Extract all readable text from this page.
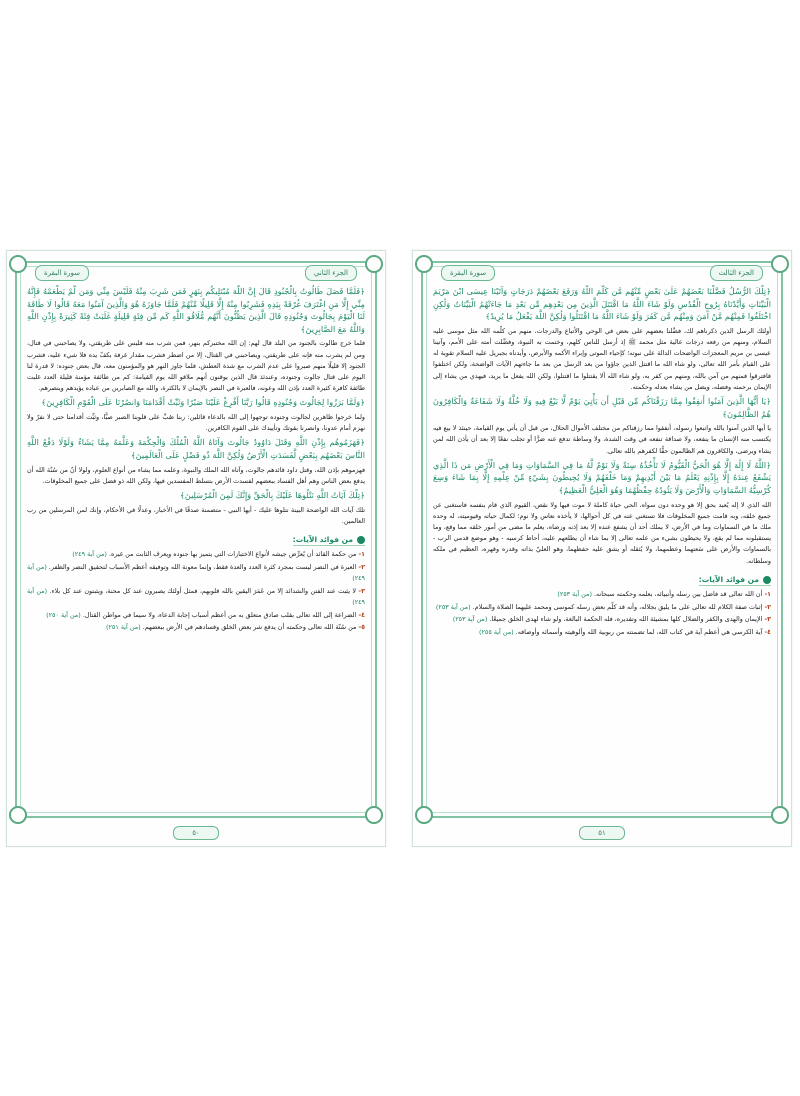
الجزء الثاني
سورة البقرة

﴿فَلَمَّا فَصَلَ طَالُوتُ بِالْجُنُودِ قَالَ إِنَّ اللَّهَ مُبْتَلِيكُم بِنَهَرٍ فَمَن شَرِبَ مِنْهُ فَلَيْسَ مِنِّي وَمَن لَّمْ يَطْعَمْهُ فَإِنَّهُ مِنِّي إِلَّا مَنِ اغْتَرَفَ غُرْفَةً بِيَدِهِ فَشَرِبُوا مِنْهُ إِلَّا قَلِيلًا مِّنْهُمْ فَلَمَّا جَاوَزَهُ هُوَ وَالَّذِينَ آمَنُوا مَعَهُ قَالُوا لَا طَاقَةَ لَنَا الْيَوْمَ بِجَالُوتَ وَجُنُودِهِ قَالَ الَّذِينَ يَظُنُّونَ أَنَّهُم مُّلَاقُو اللَّهِ كَم مِّن فِئَةٍ قَلِيلَةٍ غَلَبَتْ فِئَةً كَثِيرَةً بِإِذْنِ اللَّهِ وَاللَّهُ مَعَ الصَّابِرِينَ﴾

فلما خرج طالوت بالجنود من البلد قال لهم: إن الله مختبركم بنهر، فمن شرب منه فليس على طريقتي، ولا يصاحبني في قتال، ومن لم يشرب منه فإنه على طريقتي، ويصاحبني في القتال، إلا من اضطر فشرب مقدار غرفة بكفّ يده فلا شيء عليه، فشرب الجنود إلا قليلًا منهم صبروا على عدم الشرب مع شدة العطش، فلما جاوز النهر هو والمؤمنون معه، قال بعض جنوده: لا قدرة لنا اليوم على قتال جالوت وجنوده، وعندئذ قال الذين يوقنون أنهم ملاقو الله يوم القيامة: كم من طائفة مؤمنة قليلة العدد غلبت طائفة كافرة كثيرة العدد بإذن الله وعونه، فالعبرة في النصر بالإيمان لا بالكثرة، والله مع الصابرين من عباده يؤيدهم وينصرهم.

﴿وَلَمَّا بَرَزُوا لِجَالُوتَ وَجُنُودِهِ قَالُوا رَبَّنَا أَفْرِغْ عَلَيْنَا صَبْرًا وَثَبِّتْ أَقْدَامَنَا وَانصُرْنَا عَلَى الْقَوْمِ الْكَافِرِينَ﴾

ولما خرجوا ظاهرين لجالوت وجنوده توجهوا إلى الله بالدعاء قائلين: ربنا صُبَّ على قلوبنا الصبر صبًّا، وثبِّت أقدامنا حتى لا نفرّ ولا نهزم أمام عدونا، وانصرنا بقوتك وتأييدك على القوم الكافرين.

﴿فَهَزَمُوهُم بِإِذْنِ اللَّهِ وَقَتَلَ دَاوُودُ جَالُوتَ وَآتَاهُ اللَّهُ الْمُلْكَ وَالْحِكْمَةَ وَعَلَّمَهُ مِمَّا يَشَاءُ وَلَوْلَا دَفْعُ اللَّهِ النَّاسَ بَعْضَهُم بِبَعْضٍ لَّفَسَدَتِ الْأَرْضُ وَلَٰكِنَّ اللَّهَ ذُو فَضْلٍ عَلَى الْعَالَمِينَ﴾

فهزموهم بإذن الله، وقتل داود قائدهم جالوت، وآتاه الله الملك والنبوة، وعلمه مما يشاء من أنواع العلوم، ولولا أنّ من سُنّة الله أن يدفع بعض الناس وهم أهل الفساد ببعضهم لفسدت الأرض بتسلط المفسدين فيها، ولكن الله ذو فضل على جميع المخلوقات.

﴿تِلْكَ آيَاتُ اللَّهِ نَتْلُوهَا عَلَيْكَ بِالْحَقِّ وَإِنَّكَ لَمِنَ الْمُرْسَلِينَ﴾

تلك آيات الله الواضحة البينة نتلوها عليك - أيها النبي - متضمنة صدقًا في الأخبار، وعدلًا في الأحكام، وإنك لمن المرسلين من رب العالمين.

من فوائد الآيات:

١- من حكمة القائد أن يُعرِّض جيشه لأنواع الاختبارات التي يتميز بها جنوده ويعرف الثابت من غيره. (من آية ٢٤٩)

٢- العبرة في النصر ليست بمجرد كثرة العدد والعدة فقط، وإنما معونة الله وتوفيقه أعظم الأسباب لتحقيق النصر والظفر. (من آية ٢٤٩)

٣- لا يثبت عند الفتن والشدائد إلا من عَمَرَ اليقين بالله قلوبهم، فمثل أولئك يصبرون عند كل محنة، ويثبتون عند كل بلاء. (من آية ٢٤٩)

٤- الضراعة إلى الله تعالى بقلب صادق متعلق به من أعظم أسباب إجابة الدعاء، ولا سيما في مواطن القتال. (من آية ٢٥٠)

٥- من سُنّة الله تعالى وحكمته أن يدفع شر بعض الخلق وفسادهم في الأرض ببعضهم. (من آية ٢٥١)

٥٠
الجزء الثالث
سورة البقرة

﴿تِلْكَ الرُّسُلُ فَضَّلْنَا بَعْضَهُمْ عَلَىٰ بَعْضٍ مِّنْهُم مَّن كَلَّمَ اللَّهُ وَرَفَعَ بَعْضَهُمْ دَرَجَاتٍ وَآتَيْنَا عِيسَى ابْنَ مَرْيَمَ الْبَيِّنَاتِ وَأَيَّدْنَاهُ بِرُوحِ الْقُدُسِ وَلَوْ شَاءَ اللَّهُ مَا اقْتَتَلَ الَّذِينَ مِن بَعْدِهِم مِّن بَعْدِ مَا جَاءَتْهُمُ الْبَيِّنَاتُ وَلَٰكِنِ اخْتَلَفُوا فَمِنْهُم مَّنْ آمَنَ وَمِنْهُم مَّن كَفَرَ وَلَوْ شَاءَ اللَّهُ مَا اقْتَتَلُوا وَلَٰكِنَّ اللَّهَ يَفْعَلُ مَا يُرِيدُ﴾

أولئك الرسل الذين ذكرناهم لك، فضَّلنا بعضهم على بعض في الوحي والأتباع والدرجات، منهم من كلّمه الله مثل موسى عليه السلام، ومنهم من رفعه درجات عالية مثل محمد ﷺ إذ أرسل للناس كلهم، وختمت به النبوة، وفضَّلت أمته على الأمم، وآتينا عيسى بن مريم المعجزات الواضحات الدالة على نبوته؛ كإحياء الموتى وإبراء الأكمه والأبرص، وأيدناه بجبريل عليه السلام تقوية له على القيام بأمر الله تعالى، ولو شاء الله ما اقتتل الذين جاؤوا من بعد الرسل من بعد ما جاءتهم الآيات الواضحة، ولكن اختلفوا فافترقوا فمنهم من آمن بالله، ومنهم من كفر به، ولو شاء الله ألا يقتتلوا ما اقتتلوا، ولكن الله يفعل ما يريد، فيهدي من يشاء إلى الإيمان برحمته وفضله، ويضل من يشاء بعدله وحكمته.

﴿يَا أَيُّهَا الَّذِينَ آمَنُوا أَنفِقُوا مِمَّا رَزَقْنَاكُم مِّن قَبْلِ أَن يَأْتِيَ يَوْمٌ لَّا بَيْعٌ فِيهِ وَلَا خُلَّةٌ وَلَا شَفَاعَةٌ وَالْكَافِرُونَ هُمُ الظَّالِمُونَ﴾

يا أيها الذين آمنوا بالله واتبعوا رسوله، أنفقوا مما رزقناكم من مختلف الأموال الحلال، من قبل أن يأتي يوم القيامة، حينئذ لا بيع فيه يكتسب منه الإنسان ما ينفعه، ولا صداقة تنفعه في وقت الشدة، ولا وساطة تدفع عنه ضرًّا أو تجلب نفعًا إلا بعد أن يأذن الله لمن يشاء ويرضى، والكافرون هم الظالمون حقًّا لكفرهم بالله تعالى.

﴿اللَّهُ لَا إِلَٰهَ إِلَّا هُوَ الْحَيُّ الْقَيُّومُ لَا تَأْخُذُهُ سِنَةٌ وَلَا نَوْمٌ لَّهُ مَا فِي السَّمَاوَاتِ وَمَا فِي الْأَرْضِ مَن ذَا الَّذِي يَشْفَعُ عِندَهُ إِلَّا بِإِذْنِهِ يَعْلَمُ مَا بَيْنَ أَيْدِيهِمْ وَمَا خَلْفَهُمْ وَلَا يُحِيطُونَ بِشَيْءٍ مِّنْ عِلْمِهِ إِلَّا بِمَا شَاءَ وَسِعَ كُرْسِيُّهُ السَّمَاوَاتِ وَالْأَرْضَ وَلَا يَئُودُهُ حِفْظُهُمَا وَهُوَ الْعَلِيُّ الْعَظِيمُ﴾

الله الذي لا إله يُعبد بحق إلا هو وحده دون سواه، الحي حياة كاملة لا موت فيها ولا نقص، القيوم الذي قام بنفسه فاستغنى عن جميع خلقه، وبه قامت جميع المخلوقات فلا تستغني عنه في كل أحوالها، لا يأخذه نعاس ولا نوم؛ لكمال حياته وقيوميته، له وحده ملك ما في السماوات وما في الأرض، لا يملك أحد أن يشفع عنده إلا بعد إذنه ورضاه، يعلم ما مضى من أمور خلقه مما وقع، وما يستقبلونه مما لم يقع، ولا يحيطون بشيء من علمه تعالى إلا بما شاء أن يطلعهم عليه، أحاط كرسيه - وهو موضع قدمي الرب - بالسماوات والأرض على سَعتهما وعظمهما، ولا يُثقله أو يشق عليه حفظهما، وهو العليّ بذاته وقدره وقهره، العظيم في ملكه وسلطانه.

من فوائد الآيات:

١- أن الله تعالى قد فاضل بين رسله وأنبيائه، بعلمه وحكمته سبحانه. (من آية ٢٥٣)

٢- إثبات صفة الكلام لله تعالى على ما يليق بجلاله، وأنه قد كلّم بعض رسله كموسى ومحمد عليهما الصلاة والسلام. (من آية ٢٥٣)

٣- الإيمان والهدى والكفر والضلال كلها بمشيئة الله وتقديره، فله الحكمة البالغة، ولو شاء لهدى الخلق جميعًا. (من آية ٢٥٣)

٤- آية الكرسي هي أعظم آية في كتاب الله، لما تضمنته من ربوبية الله وألوهيته وأسمائه وأوصافه. (من آية ٢٥٥)

٥١
